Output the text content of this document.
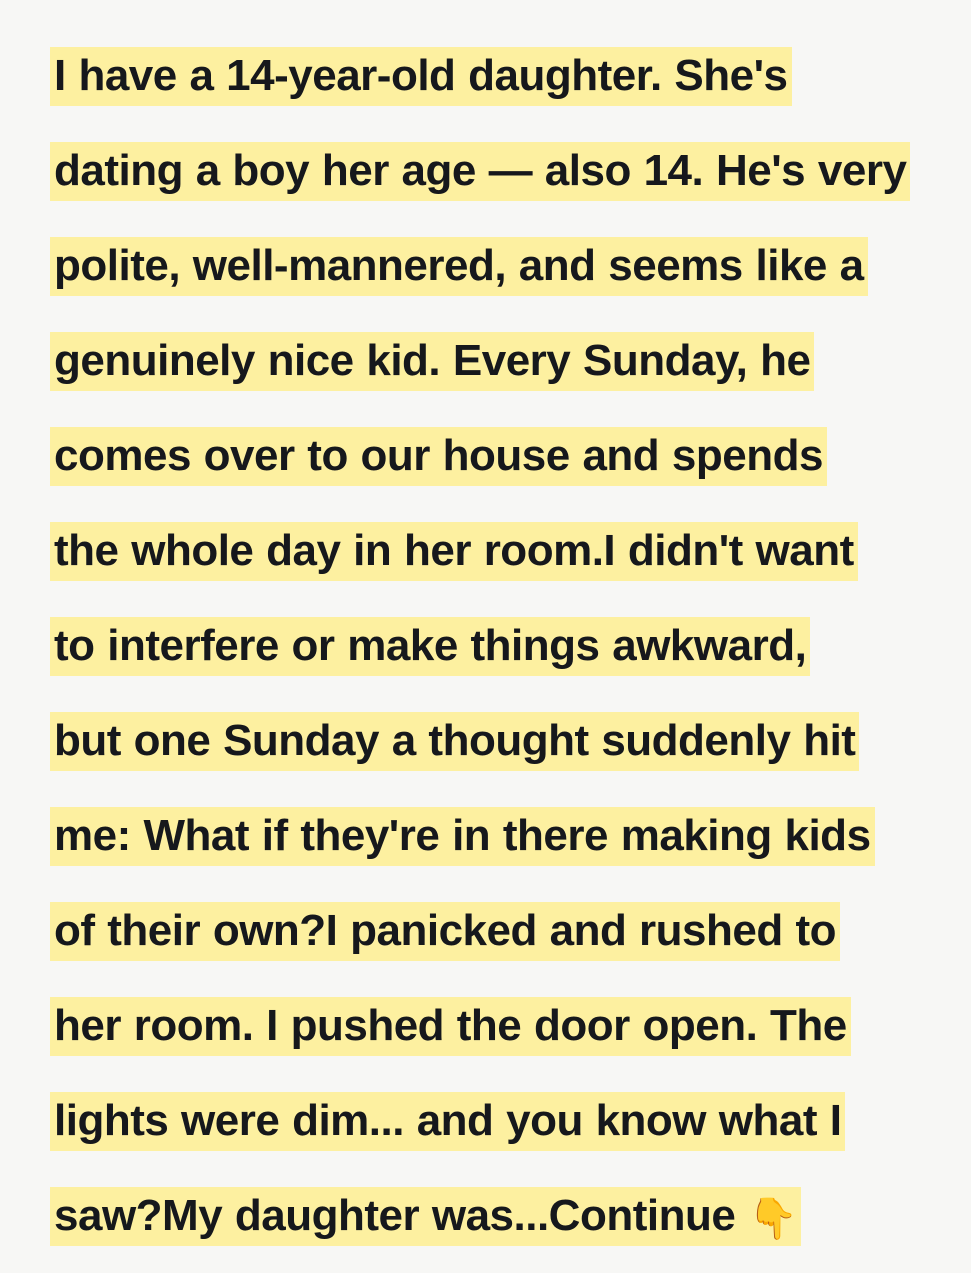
I have a 14-year-old daughter. She's
dating a boy her age — also 14. He's very
polite, well-mannered, and seems like a
genuinely nice kid. Every Sunday, he
comes over to our house and spends
the whole day in her room.I didn't want
to interfere or make things awkward,
but one Sunday a thought suddenly hit
me: What if they're in there making kids
of their own?I panicked and rushed to
her room. I pushed the door open. The
lights were dim... and you know what I
saw?My daughter was...Continue 👇
